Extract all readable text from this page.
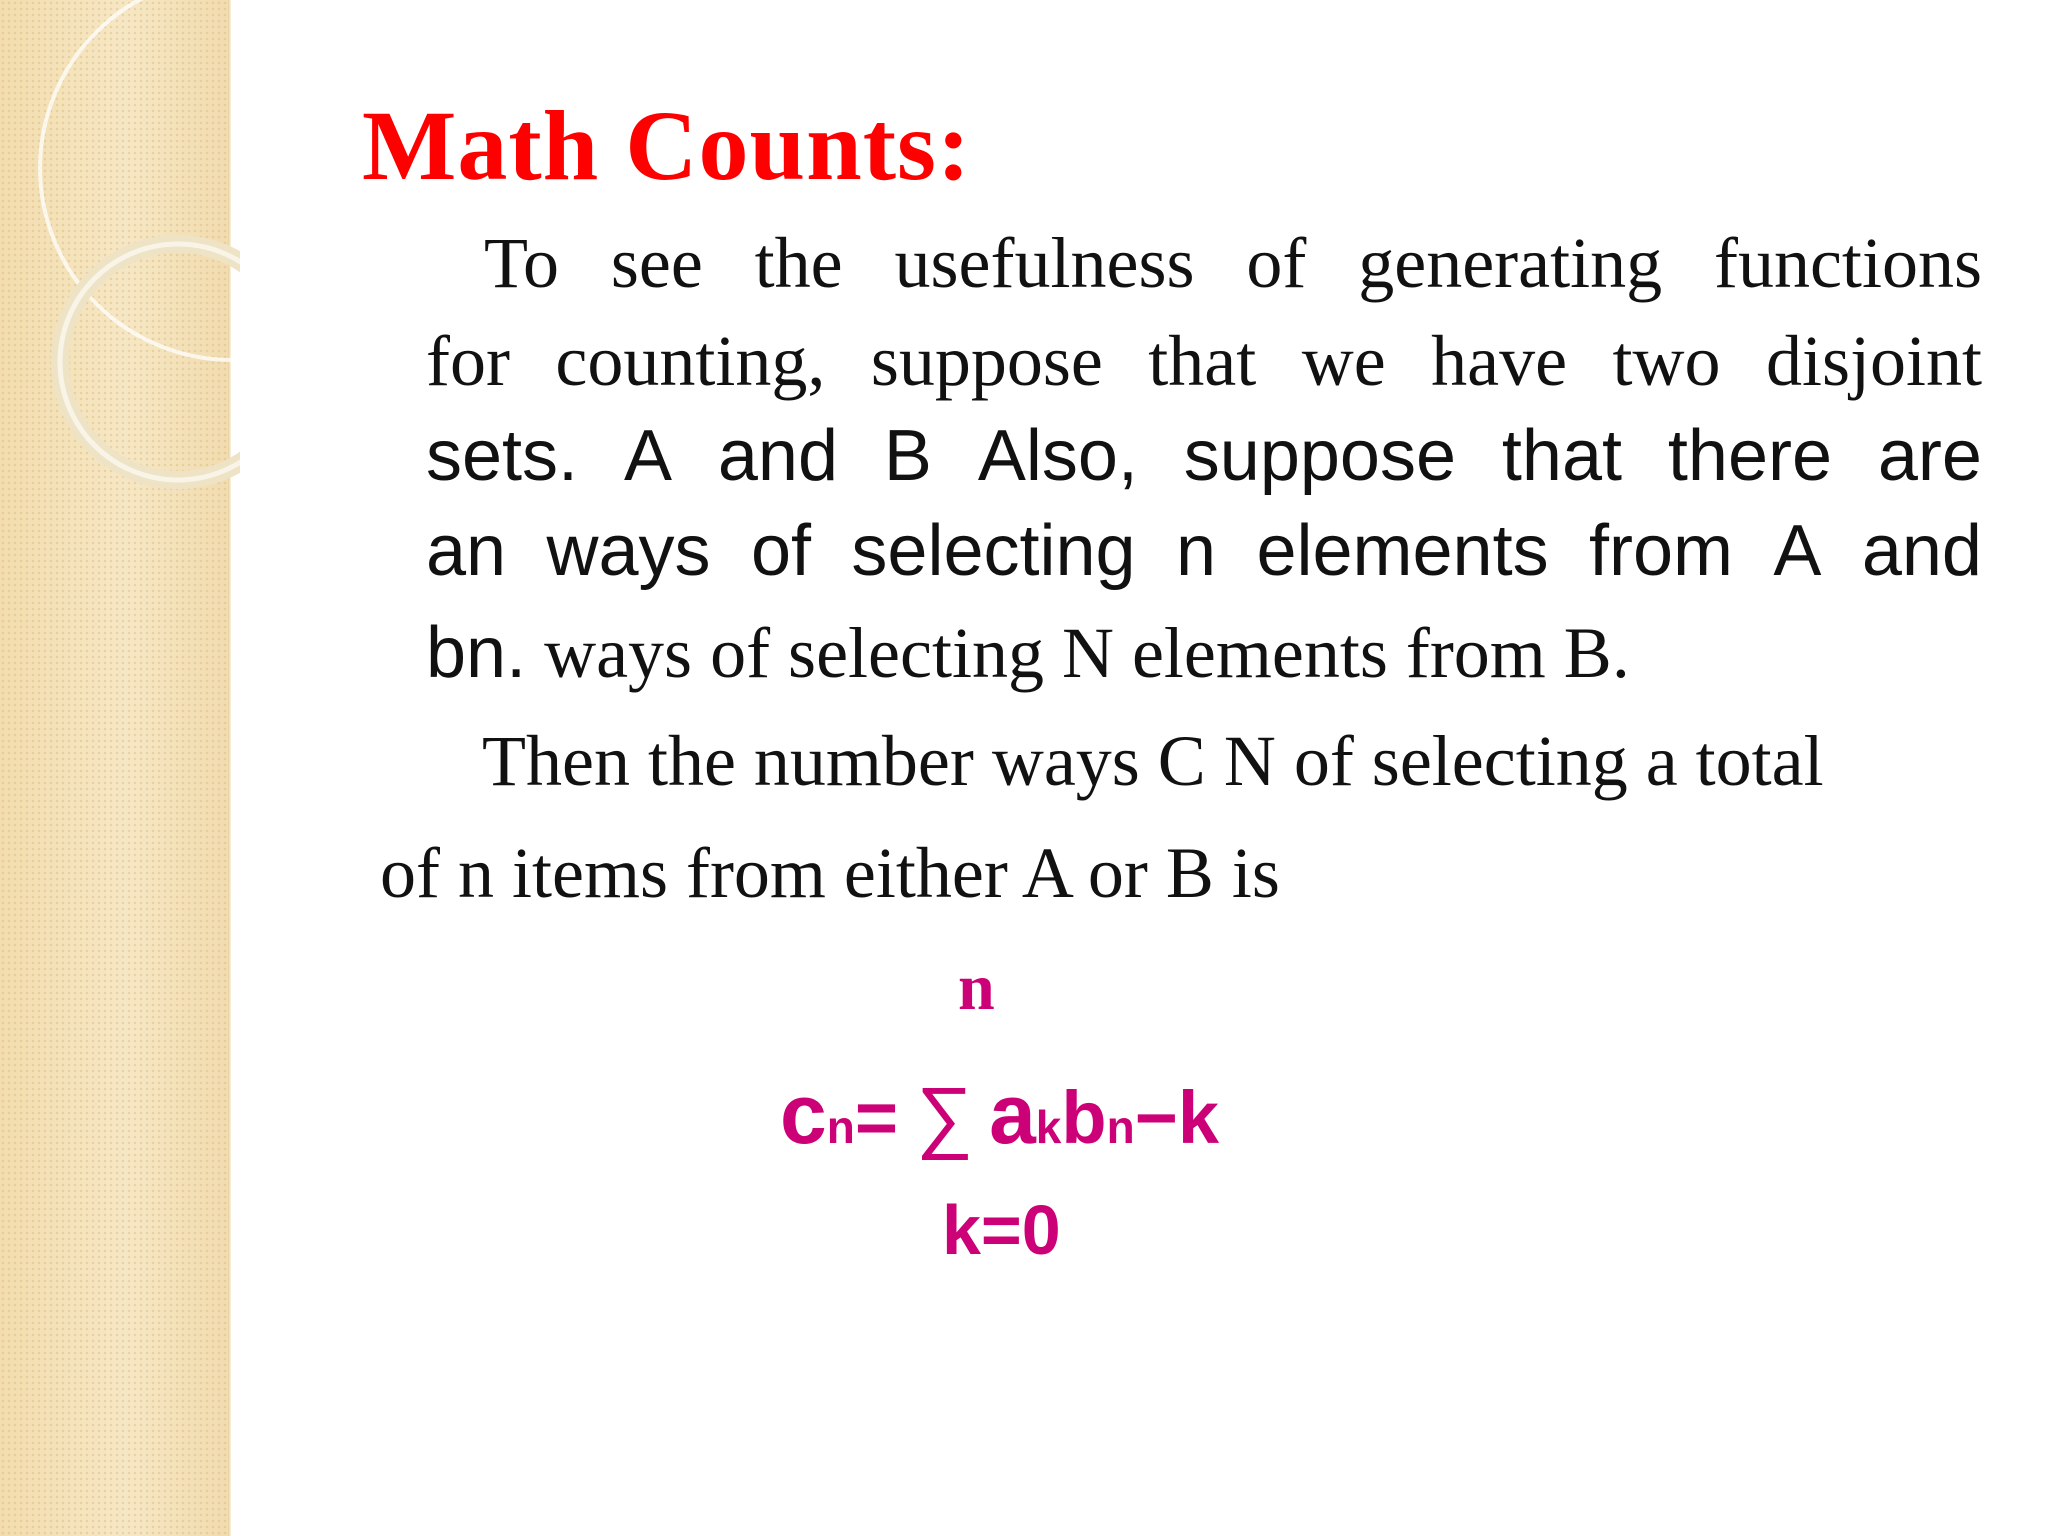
Math Counts:
To see the usefulness of generating functions
for counting, suppose that we have two disjoint
sets. A and B Also, suppose that there are
an ways of selecting n elements from A and
bn. ways of selecting N elements from B.
Then the number ways C N of selecting a total
of n items from either A or B is
n
cn= ∑ akbn−k
k=0
